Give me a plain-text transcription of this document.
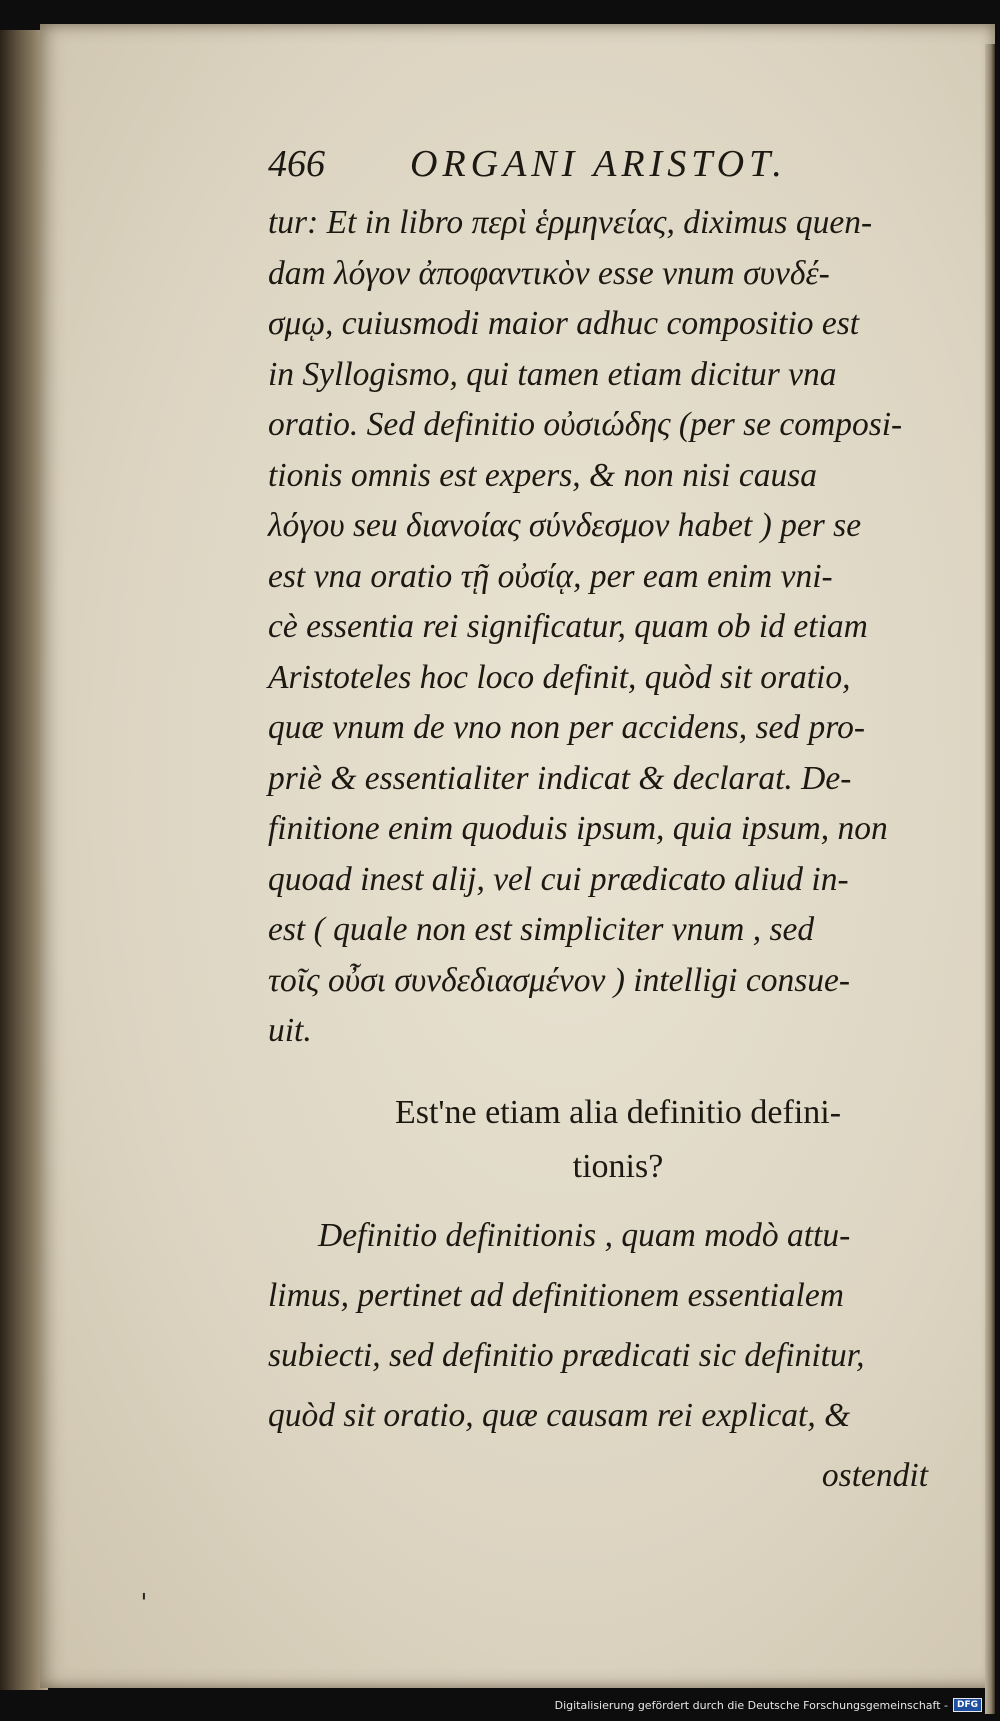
466 ORGANI ARISTOT.
tur: Et in libro περὶ ἑρμηνείας, diximus quen-
dam λόγον ἀποφαντικὸν esse vnum συνδέ-
σμῳ, cuiusmodi maior adhuc compositio est
in Syllogismo, qui tamen etiam dicitur vna
oratio. Sed definitio οὐσιώδης (per se composi-
tionis omnis est expers, & non nisi causa
λόγου seu διανοίας σύνδεσμον habet ) per se
est vna oratio τῇ οὐσίᾳ, per eam enim vni-
cè essentia rei significatur, quam ob id etiam
Aristoteles hoc loco definit, quòd sit oratio,
quæ vnum de vno non per accidens, sed pro-
priè & essentialiter indicat & declarat. De-
finitione enim quoduis ipsum, quia ipsum, non
quoad inest alij, vel cui prædicato aliud in-
est ( quale non est simpliciter vnum , sed
τοῖς οὖσι συνδεδιασμένον ) intelligi consue-
uit.
Est'ne etiam alia definitio defini-
tionis?
Definitio definitionis , quam modò attu-
limus, pertinet ad definitionem essentialem
subiecti, sed definitio prædicati sic definitur,
quòd sit oratio, quæ causam rei explicat, &
ostendit
ˌ
Digitalisierung gefördert durch die Deutsche Forschungsgemeinschaft -	DFG
